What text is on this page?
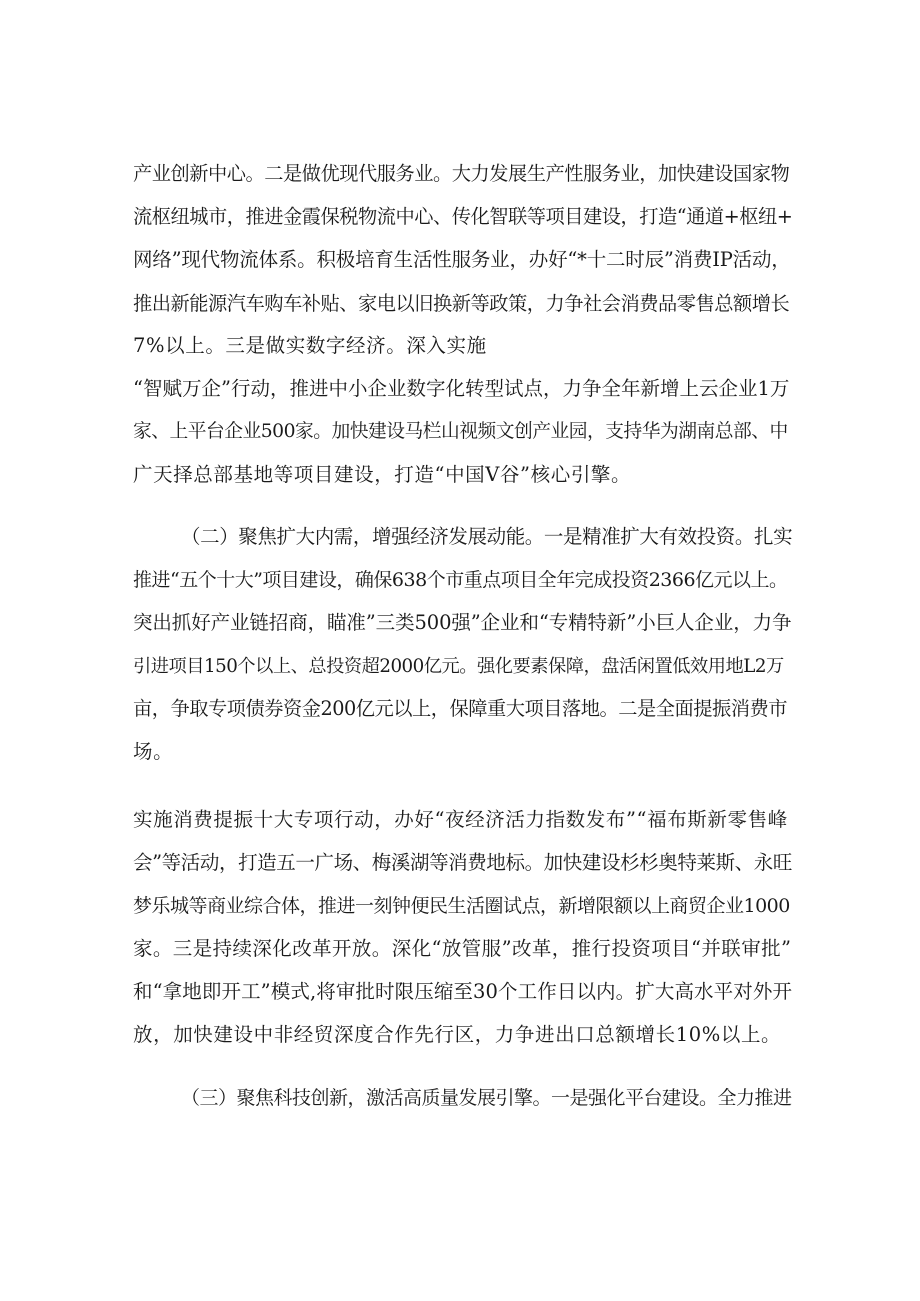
产业创新中心。二是做优现代服务业。大力发展生产性服务业，加快建设国家物
流枢纽城市，推进金霞保税物流中心、传化智联等项目建设，打造“通道+枢纽+
网络”现代物流体系。积极培育生活性服务业，办好“*十二时辰”消费IP活动，
推出新能源汽车购车补贴、家电以旧换新等政策，力争社会消费品零售总额增长
7%以上。三是做实数字经济。深入实施
“智赋万企”行动，推进中小企业数字化转型试点，力争全年新增上云企业1万
家、上平台企业500家。加快建设马栏山视频文创产业园，支持华为湖南总部、中
广天择总部基地等项目建设，打造“中国V谷”核心引擎。
（二）聚焦扩大内需，增强经济发展动能。一是精准扩大有效投资。扎实
推进“五个十大”项目建设，确保638个市重点项目全年完成投资2366亿元以上。
突出抓好产业链招商，瞄准”三类500强”企业和“专精特新”小巨人企业，力争
引进项目150个以上、总投资超2000亿元。强化要素保障，盘活闲置低效用地L2万
亩，争取专项债券资金200亿元以上，保障重大项目落地。二是全面提振消费市
场。
实施消费提振十大专项行动，办好“夜经济活力指数发布”“福布斯新零售峰
会”等活动，打造五一广场、梅溪湖等消费地标。加快建设杉杉奥特莱斯、永旺
梦乐城等商业综合体，推进一刻钟便民生活圈试点，新增限额以上商贸企业1000
家。三是持续深化改革开放。深化“放管服”改革，推行投资项目“并联审批”
和“拿地即开工”模式,将审批时限压缩至30个工作日以内。扩大高水平对外开
放，加快建设中非经贸深度合作先行区，力争进出口总额增长10%以上。
（三）聚焦科技创新，激活高质量发展引擎。一是强化平台建设。全力推进
